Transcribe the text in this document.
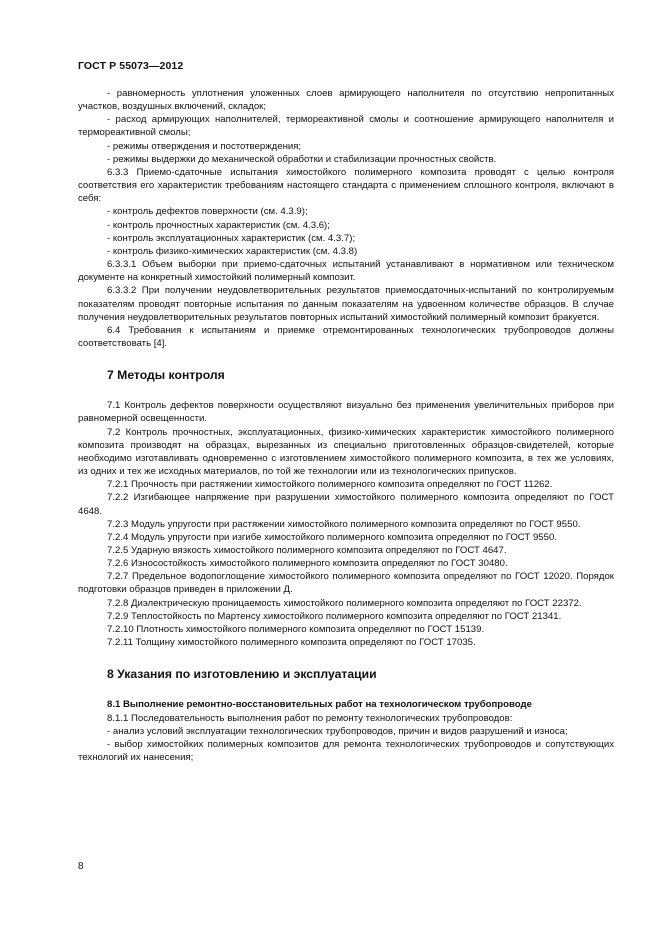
ГОСТ Р 55073—2012

- равномерность уплотнения уложенных слоев армирующего наполнителя по отсутствию непропитанных участков, воздушных включений, складок;

- расход армирующих наполнителей, термореактивной смолы и соотношение армирующего наполнителя и термореактивной смолы;

- режимы отверждения и постотверждения;

- режимы выдержки до механической обработки и стабилизации прочностных свойств.

6.3.3 Приемо-сдаточные испытания химостойкого полимерного композита проводят с целью контроля соответствия его характеристик требованиям настоящего стандарта с применением сплошного контроля, включают в себя:

- контроль дефектов поверхности (см. 4.3.9);

- контроль прочностных характеристик (см. 4.3.6);

- контроль эксплуатационных характеристик (см. 4.3.7);

- контроль физико-химических характеристик (см. 4.3.8)

6.3.3.1 Объем выборки при приемо-сдаточных испытаний устанавливают в нормативном или техническом документе на конкретный химостойкий полимерный композит.

6.3.3.2 При получении неудовлетворительных результатов приемосдаточных-испытаний по контролируемым показателям проводят повторные испытания по данным показателям на удвоенном количестве образцов. В случае получения неудовлетворительных результатов повторных испытаний химостойкий полимерный композит бракуется.

6.4 Требования к испытаниям и приемке отремонтированных технологических трубопроводов должны соответствовать [4].

7 Методы контроля

7.1 Контроль дефектов поверхности осуществляют визуально без применения увеличительных приборов при равномерной освещенности.

7.2 Контроль прочностных, эксплуатационных, физико-химических характеристик химостойкого полимерного композита производят на образцах, вырезанных из специально приготовленных образцов-свидетелей, которые необходимо изготавливать одновременно с изготовлением химостойкого полимерного композита, в тех же условиях, из одних и тех же исходных материалов, по той же технологии или из технологических припусков.

7.2.1 Прочность при растяжении химостойкого полимерного композита определяют по ГОСТ 11262.

7.2.2 Изгибающее напряжение при разрушении химостойкого полимерного композита определяют по ГОСТ 4648.

7.2.3 Модуль упругости при растяжении химостойкого полимерного композита определяют по ГОСТ 9550.

7.2.4 Модуль упругости при изгибе химостойкого полимерного композита определяют по ГОСТ 9550.

7.2.5 Ударную вязкость химостойкого полимерного композита определяют по ГОСТ 4647.

7.2.6 Износостойкость химостойкого полимерного композита определяют по ГОСТ 30480.

7.2.7 Предельное водопоглощение химостойкого полимерного композита определяют по ГОСТ 12020. Порядок подготовки образцов приведен в приложении Д.

7.2.8 Диэлектрическую проницаемость химостойкого полимерного композита определяют по ГОСТ 22372.

7.2.9 Теплостойкость по Мартенсу химостойкого полимерного композита определяют по ГОСТ 21341.

7.2.10 Плотность химостойкого полимерного композита определяют по ГОСТ 15139.

7.2.11 Толщину химостойкого полимерного композита определяют по ГОСТ 17035.

8 Указания по изготовлению и эксплуатации

8.1 Выполнение ремонтно-восстановительных работ на технологическом трубопроводе

8.1.1 Последовательность выполнения работ по ремонту технологических трубопроводов:

- анализ условий эксплуатации технологических трубопроводов, причин и видов разрушений и износа;

- выбор химостойких полимерных композитов для ремонта технологических трубопроводов и сопутствующих технологий их нанесения;

8
